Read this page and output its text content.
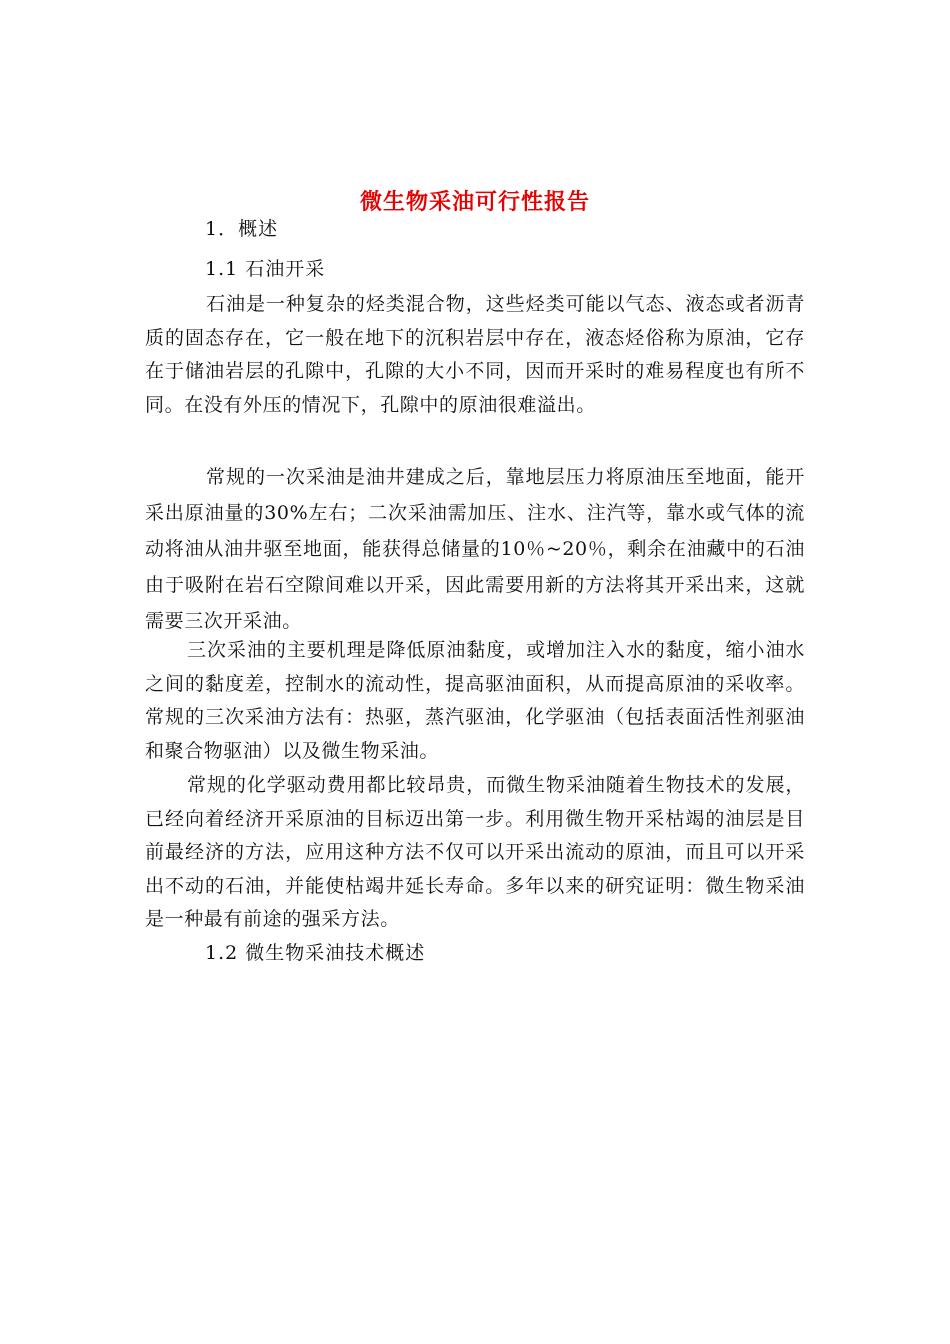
微生物采油可行性报告
1．概述
1.1 石油开采

石油是一种复杂的烃类混合物，这些烃类可能以气态、液态或者沥青质的固态存在，它一般在地下的沉积岩层中存在，液态烃俗称为原油，它存在于储油岩层的孔隙中，孔隙的大小不同，因而开采时的难易程度也有所不同。在没有外压的情况下，孔隙中的原油很难溢出。

常规的一次采油是油井建成之后，靠地层压力将原油压至地面，能开采出原油量的30%左右；二次采油需加压、注水、注汽等，靠水或气体的流动将油从油井驱至地面，能获得总储量的10％~20％，剩余在油藏中的石油由于吸附在岩石空隙间难以开采，因此需要用新的方法将其开采出来，这就需要三次开采油。

三次采油的主要机理是降低原油黏度，或增加注入水的黏度，缩小油水之间的黏度差，控制水的流动性，提高驱油面积，从而提高原油的采收率。常规的三次采油方法有：热驱，蒸汽驱油，化学驱油（包括表面活性剂驱油和聚合物驱油）以及微生物采油。

常规的化学驱动费用都比较昂贵，而微生物采油随着生物技术的发展，已经向着经济开采原油的目标迈出第一步。利用微生物开采枯竭的油层是目前最经济的方法，应用这种方法不仅可以开采出流动的原油，而且可以开采出不动的石油，并能使枯竭井延长寿命。多年以来的研究证明：微生物采油是一种最有前途的强采方法。

1.2 微生物采油技术概述
